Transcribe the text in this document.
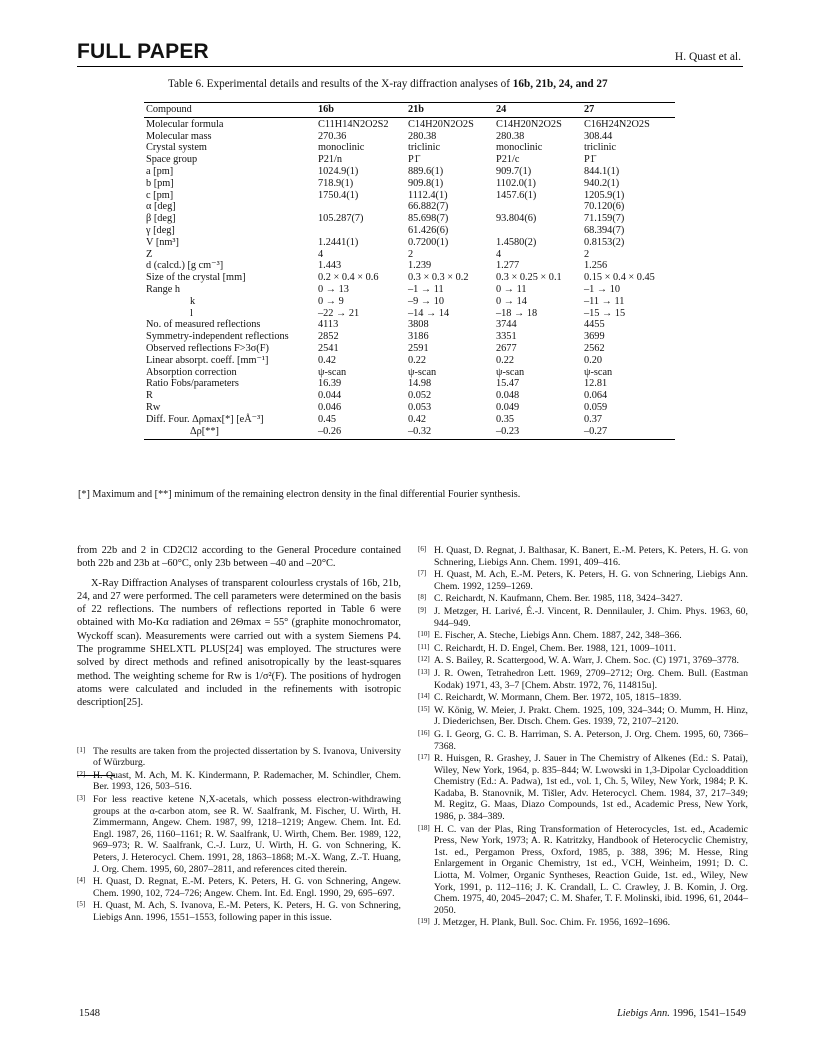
FULL PAPER	H. Quast et al.
Table 6. Experimental details and results of the X-ray diffraction analyses of 16b, 21b, 24, and 27
Compound	16b	21b	24	27
Molecular formula	C11H14N2O2S2	C14H20N2O2S	C14H20N2O2S	C16H24N2O2S
Molecular mass	270.36	280.38	280.38	308.44
Crystal system	monoclinic	triclinic	monoclinic	triclinic
Space group	P21/n	P1̄	P21/c	P1̄
a [pm]	1024.9(1)	889.6(1)	909.7(1)	844.1(1)
b [pm]	718.9(1)	909.8(1)	1102.0(1)	940.2(1)
c [pm]	1750.4(1)	1112.4(1)	1457.6(1)	1205.9(1)
α [deg]		66.882(7)		70.120(6)
β [deg]	105.287(7)	85.698(7)	93.804(6)	71.159(7)
γ [deg]		61.426(6)		68.394(7)
V [nm³]	1.2441(1)	0.7200(1)	1.4580(2)	0.8153(2)
Z	4	2	4	2
d (calcd.) [g cm⁻³]	1.443	1.239	1.277	1.256
Size of the crystal [mm]	0.2 × 0.4 × 0.6	0.3 × 0.3 × 0.2	0.3 × 0.25 × 0.1	0.15 × 0.4 × 0.45
Range h	0 → 13	–1 → 11	0 → 11	–1 → 10
k	0 → 9	–9 → 10	0 → 14	–11 → 11
l	–22 → 21	–14 → 14	–18 → 18	–15 → 15
No. of measured reflections	4113	3808	3744	4455
Symmetry-independent reflections	2852	3186	3351	3699
Observed reflections F>3σ(F)	2541	2591	2677	2562
Linear absorpt. coeff. [mm⁻¹]	0.42	0.22	0.22	0.20
Absorption correction	ψ-scan	ψ-scan	ψ-scan	ψ-scan
Ratio Fobs/parameters	16.39	14.98	15.47	12.81
R	0.044	0.052	0.048	0.064
Rw	0.046	0.053	0.049	0.059
Diff. Four. Δρmax[*] [eÅ⁻³]	0.45	0.42	0.35	0.37
Δρ[**]	–0.26	–0.32	–0.23	–0.27
[*] Maximum and [**] minimum of the remaining electron density in the final differential Fourier synthesis.

from 22b and 2 in CD2Cl2 according to the General Procedure contained both 22b and 23b at –60°C, only 23b between –40 and –20°C.

X-Ray Diffraction Analyses of transparent colourless crystals of 16b, 21b, 24, and 27 were performed. The cell parameters were determined on the basis of 22 reflections. The numbers of reflections reported in Table 6 were obtained with Mo-Kα radiation and 2Θmax = 55° (graphite monochromator, Wyckoff scan). Measurements were carried out with a system Siemens P4. The programme SHELXTL PLUS[24] was employed. The structures were solved by direct methods and refined anisotropically by the least-squares method. The weighting scheme for Rw is 1/σ²(F). The positions of hydrogen atoms were calculated and included in the refinements with isotropic description[25].

[1] The results are taken from the projected dissertation by S. Ivanova, University of Würzburg.
[2] H. Quast, M. Ach, M. K. Kindermann, P. Rademacher, M. Schindler, Chem. Ber. 1993, 126, 503–516.
[3] For less reactive ketene N,X-acetals, which possess electron-withdrawing groups at the α-carbon atom, see R. W. Saalfrank, M. Fischer, U. Wirth, H. Zimmermann, Angew. Chem. 1987, 99, 1218–1219; Angew. Chem. Int. Ed. Engl. 1987, 26, 1160–1161; R. W. Saalfrank, U. Wirth, Chem. Ber. 1989, 122, 969–973; R. W. Saalfrank, C.-J. Lurz, U. Wirth, H. G. von Schnering, K. Peters, J. Heterocycl. Chem. 1991, 28, 1863–1868; M.-X. Wang, Z.-T. Huang, J. Org. Chem. 1995, 60, 2807–2811, and references cited therein.
[4] H. Quast, D. Regnat, E.-M. Peters, K. Peters, H. G. von Schnering, Angew. Chem. 1990, 102, 724–726; Angew. Chem. Int. Ed. Engl. 1990, 29, 695–697.
[5] H. Quast, M. Ach, S. Ivanova, E.-M. Peters, K. Peters, H. G. von Schnering, Liebigs Ann. 1996, 1551–1553, following paper in this issue.
[6] H. Quast, D. Regnat, J. Balthasar, K. Banert, E.-M. Peters, K. Peters, H. G. von Schnering, Liebigs Ann. Chem. 1991, 409–416.
[7] H. Quast, M. Ach, E.-M. Peters, K. Peters, H. G. von Schnering, Liebigs Ann. Chem. 1992, 1259–1269.
[8] C. Reichardt, N. Kaufmann, Chem. Ber. 1985, 118, 3424–3427.
[9] J. Metzger, H. Larivé, É.-J. Vincent, R. Dennilauler, J. Chim. Phys. 1963, 60, 944–949.
[10] E. Fischer, A. Steche, Liebigs Ann. Chem. 1887, 242, 348–366.
[11] C. Reichardt, H. D. Engel, Chem. Ber. 1988, 121, 1009–1011.
[12] A. S. Bailey, R. Scattergood, W. A. Warr, J. Chem. Soc. (C) 1971, 3769–3778.
[13] J. R. Owen, Tetrahedron Lett. 1969, 2709–2712; Org. Chem. Bull. (Eastman Kodak) 1971, 43, 3–7 [Chem. Abstr. 1972, 76, 114815u].
[14] C. Reichardt, W. Mormann, Chem. Ber. 1972, 105, 1815–1839.
[15] W. König, W. Meier, J. Prakt. Chem. 1925, 109, 324–344; O. Mumm, H. Hinz, J. Diederichsen, Ber. Dtsch. Chem. Ges. 1939, 72, 2107–2120.
[16] G. I. Georg, G. C. B. Harriman, S. A. Peterson, J. Org. Chem. 1995, 60, 7366–7368.
[17] R. Huisgen, R. Grashey, J. Sauer in The Chemistry of Alkenes (Ed.: S. Patai), Wiley, New York, 1964, p. 835–844; W. Lwowski in 1,3-Dipolar Cycloaddition Chemistry (Ed.: A. Padwa), 1st ed., vol. 1, Ch. 5, Wiley, New York, 1984; P. K. Kadaba, B. Stanovnik, M. Tišler, Adv. Heterocycl. Chem. 1984, 37, 217–349; M. Regitz, G. Maas, Diazo Compounds, 1st ed., Academic Press, New York, 1986, p. 384–389.
[18] H. C. van der Plas, Ring Transformation of Heterocycles, 1st. ed., Academic Press, New York, 1973; A. R. Katritzky, Handbook of Heterocyclic Chemistry, 1st. ed., Pergamon Press, Oxford, 1985, p. 388, 396; M. Hesse, Ring Enlargement in Organic Chemistry, 1st ed., VCH, Weinheim, 1991; D. C. Liotta, M. Volmer, Organic Syntheses, Reaction Guide, 1st. ed., Wiley, New York, 1991, p. 112–116; J. K. Crandall, L. C. Crawley, J. B. Komin, J. Org. Chem. 1975, 40, 2045–2047; C. M. Shafer, T. F. Molinski, ibid. 1996, 61, 2044–2050.
[19] J. Metzger, H. Plank, Bull. Soc. Chim. Fr. 1956, 1692–1696.
1548	Liebigs Ann. 1996, 1541–1549
